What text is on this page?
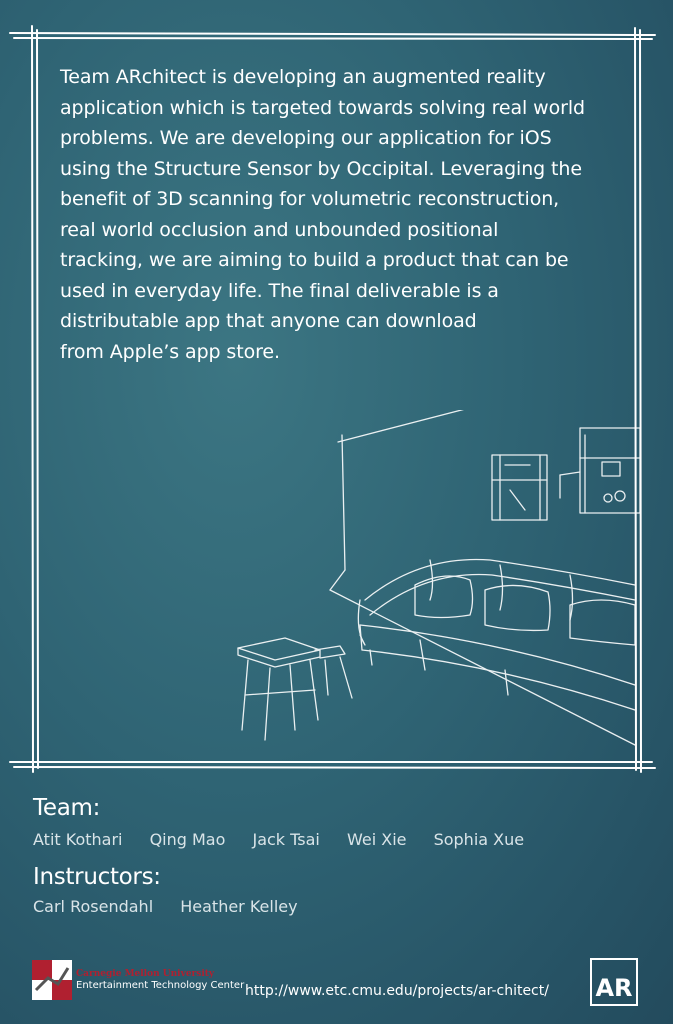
Team ARchitect is developing an augmented reality
application which is targeted towards solving real world
problems. We are developing our application for iOS
using the Structure Sensor by Occipital. Leveraging the
benefit of 3D scanning for volumetric reconstruction,
real world occlusion and unbounded positional
tracking, we are aiming to build a product that can be
used in everyday life. The final deliverable is a
distributable app that anyone can download
from Apple’s app store.
Team:
Atit Kothari Qing Mao Jack Tsai Wei Xie Sophia Xue
Instructors:
Carl Rosendahl Heather Kelley
Carnegie Mellon University
Entertainment Technology Center http://www.etc.cmu.edu/projects/ar-chitect/ AR
